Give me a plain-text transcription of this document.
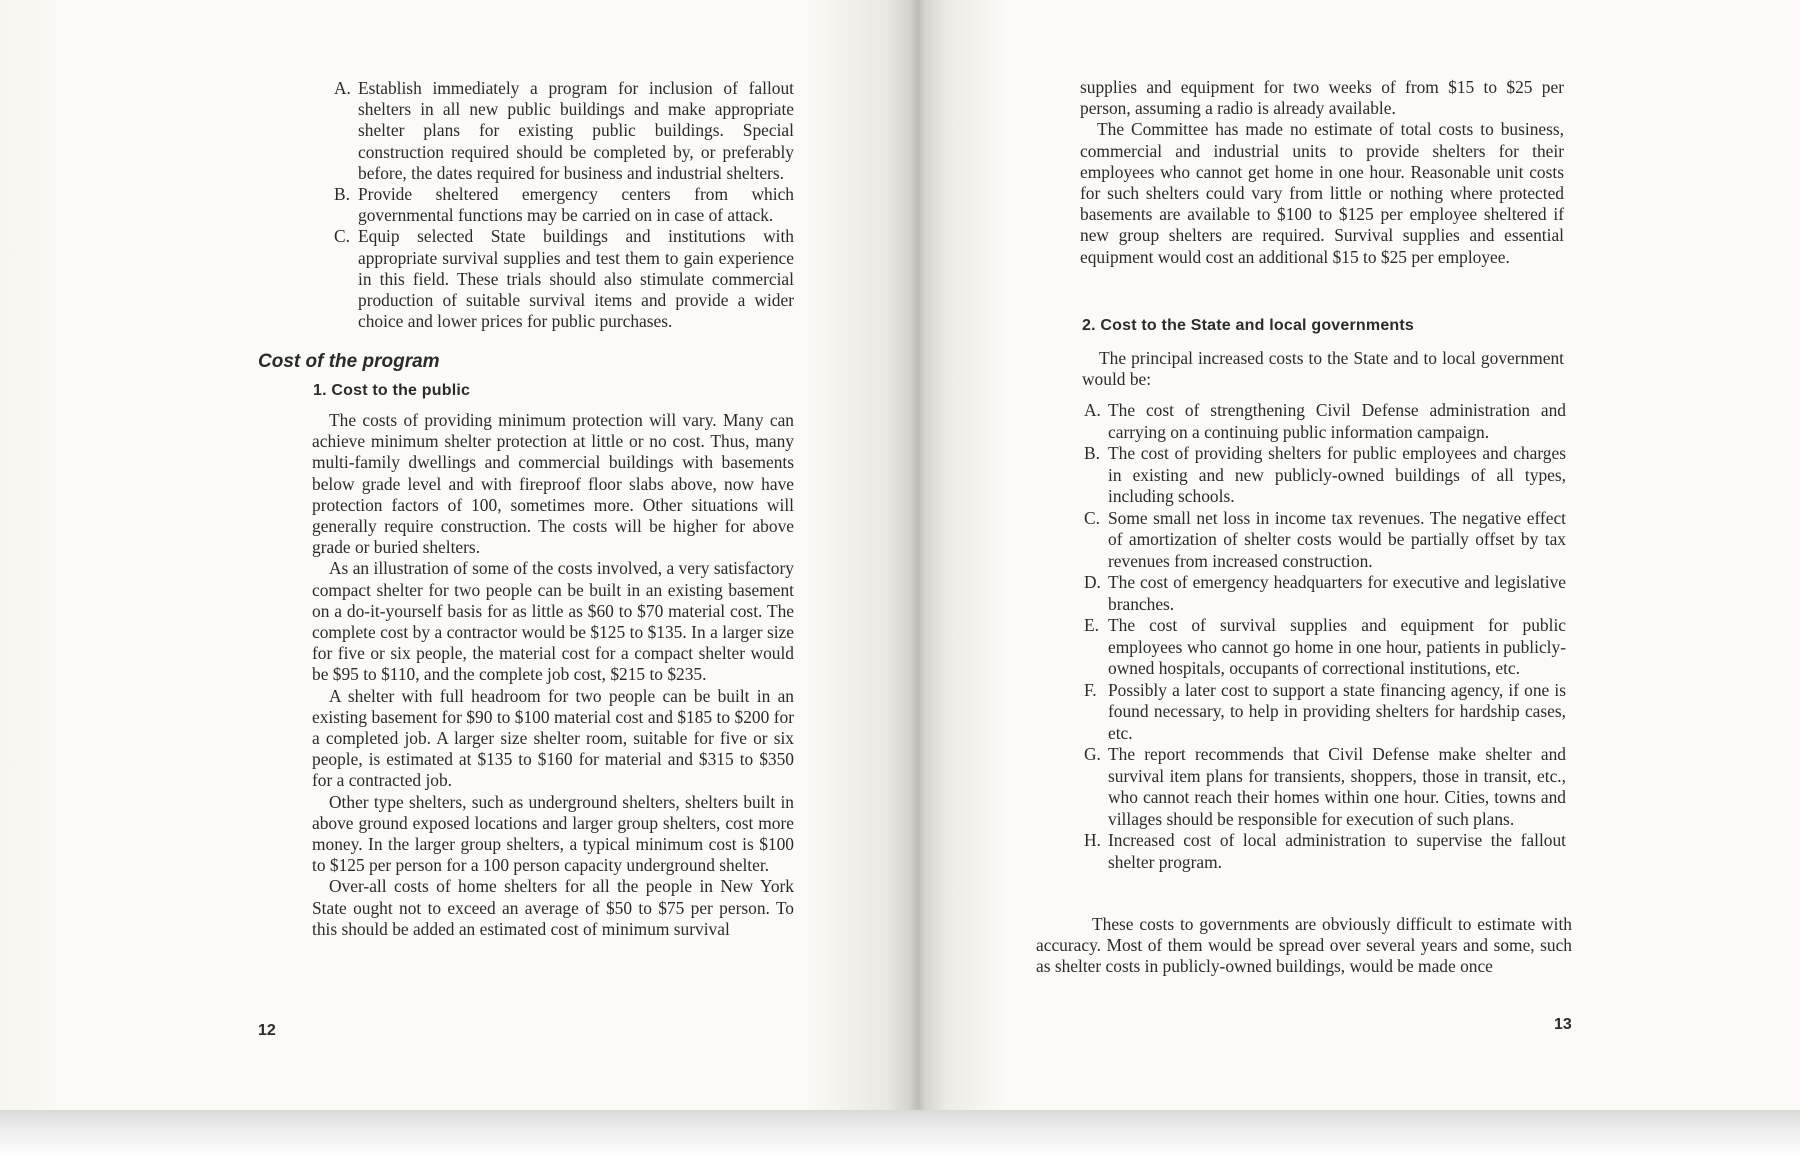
A. Establish immediately a program for inclusion of fallout shelters in all new public buildings and make appropriate shelter plans for existing public buildings. Special construction required should be completed by, or preferably before, the dates required for business and industrial shelters.
B. Provide sheltered emergency centers from which governmental functions may be carried on in case of attack.
C. Equip selected State buildings and institutions with appropriate survival supplies and test them to gain experience in this field. These trials should also stimulate commercial production of suitable survival items and provide a wider choice and lower prices for public purchases.
Cost of the program
1. Cost to the public

The costs of providing minimum protection will vary. Many can achieve minimum shelter protection at little or no cost. Thus, many multi-family dwellings and commercial buildings with basements below grade level and with fireproof floor slabs above, now have protection factors of 100, sometimes more. Other situations will generally require construction. The costs will be higher for above grade or buried shelters.

As an illustration of some of the costs involved, a very satisfactory compact shelter for two people can be built in an existing basement on a do-it-yourself basis for as little as $60 to $70 material cost. The complete cost by a contractor would be $125 to $135. In a larger size for five or six people, the material cost for a compact shelter would be $95 to $110, and the complete job cost, $215 to $235.

A shelter with full headroom for two people can be built in an existing basement for $90 to $100 material cost and $185 to $200 for a completed job. A larger size shelter room, suitable for five or six people, is estimated at $135 to $160 for material and $315 to $350 for a contracted job.

Other type shelters, such as underground shelters, shelters built in above ground exposed locations and larger group shelters, cost more money. In the larger group shelters, a typical minimum cost is $100 to $125 per person for a 100 person capacity underground shelter.

Over-all costs of home shelters for all the people in New York State ought not to exceed an average of $50 to $75 per person. To this should be added an estimated cost of minimum survival

12

supplies and equipment for two weeks of from $15 to $25 per person, assuming a radio is already available.

The Committee has made no estimate of total costs to business, commercial and industrial units to provide shelters for their employees who cannot get home in one hour. Reasonable unit costs for such shelters could vary from little or nothing where protected basements are available to $100 to $125 per employee sheltered if new group shelters are required. Survival supplies and essential equipment would cost an additional $15 to $25 per employee.

2. Cost to the State and local governments

The principal increased costs to the State and to local government would be:

A. The cost of strengthening Civil Defense administration and carrying on a continuing public information campaign.
B. The cost of providing shelters for public employees and charges in existing and new publicly-owned buildings of all types, including schools.
C. Some small net loss in income tax revenues. The negative effect of amortization of shelter costs would be partially offset by tax revenues from increased construction.
D. The cost of emergency headquarters for executive and legislative branches.
E. The cost of survival supplies and equipment for public employees who cannot go home in one hour, patients in publicly-owned hospitals, occupants of correctional institutions, etc.
F. Possibly a later cost to support a state financing agency, if one is found necessary, to help in providing shelters for hardship cases, etc.
G. The report recommends that Civil Defense make shelter and survival item plans for transients, shoppers, those in transit, etc., who cannot reach their homes within one hour. Cities, towns and villages should be responsible for execution of such plans.
H. Increased cost of local administration to supervise the fallout shelter program.

These costs to governments are obviously difficult to estimate with accuracy. Most of them would be spread over several years and some, such as shelter costs in publicly-owned buildings, would be made once

13
